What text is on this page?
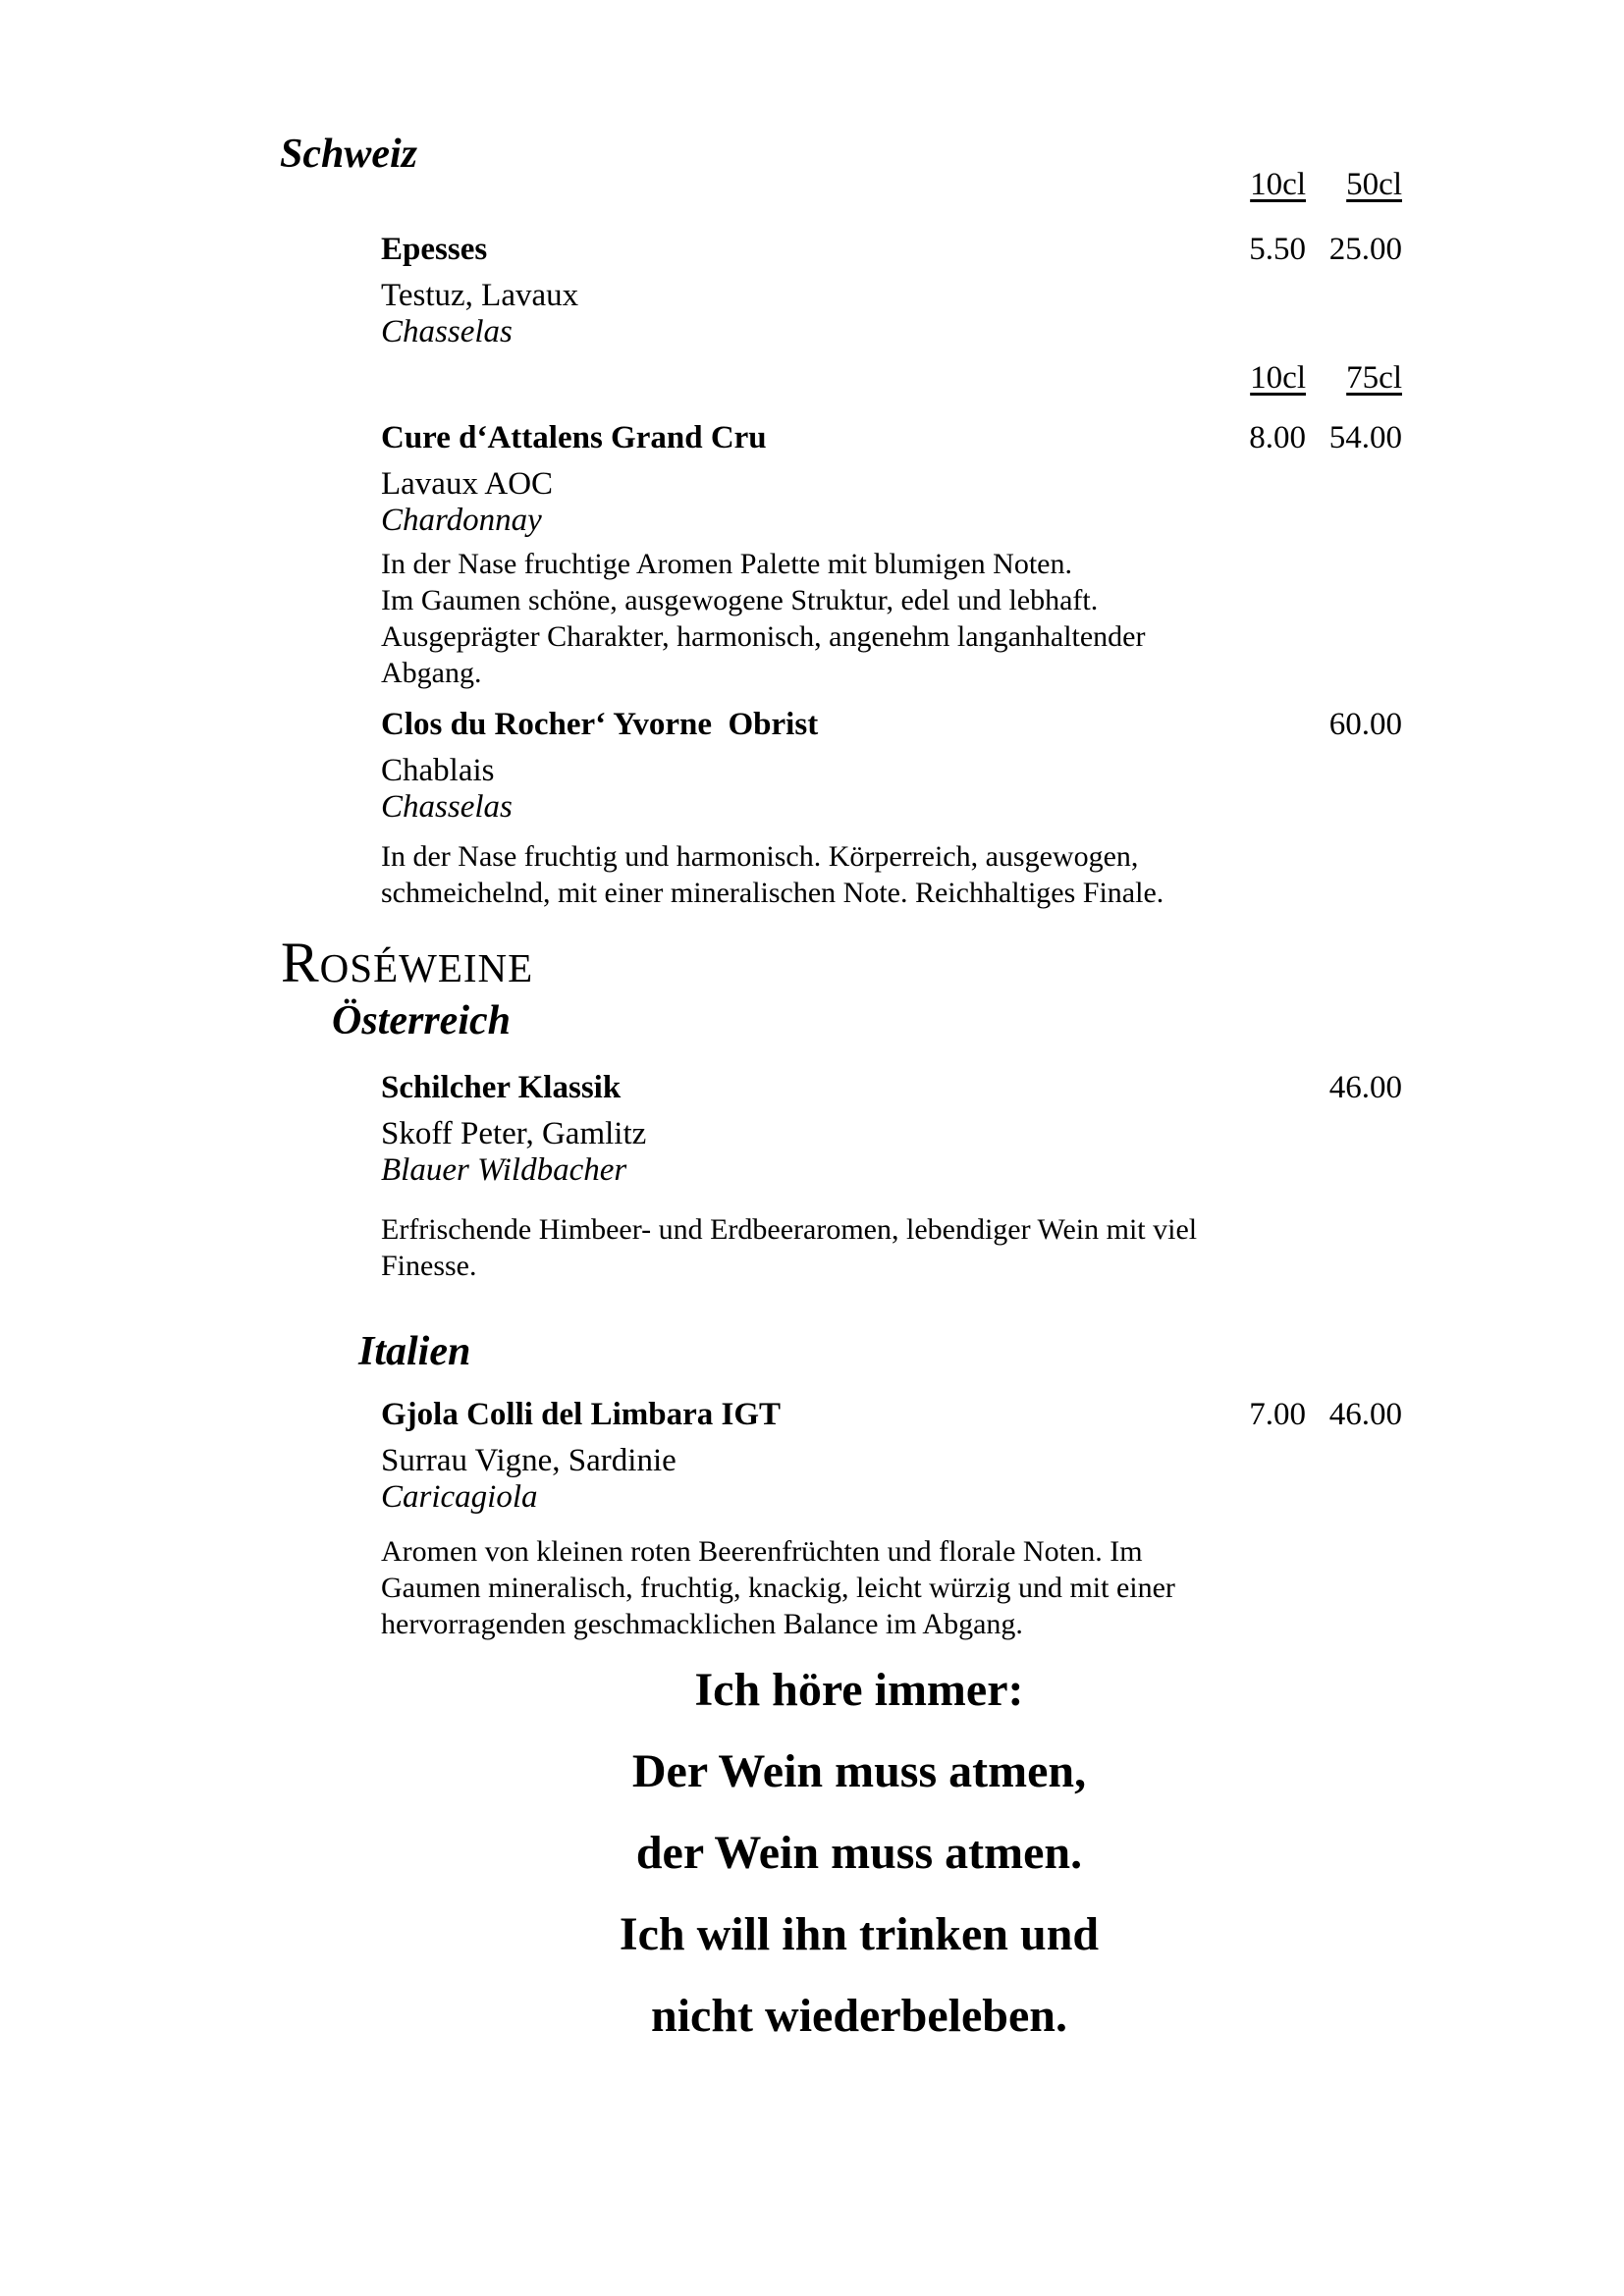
Schweiz
10cl	50cl
Epesses
Testuz, Lavaux
Chasselas
5.50 25.00
10cl	75cl
Cure d‘Attalens Grand Cru
Lavaux AOC
Chardonnay
8.00 54.00
In der Nase fruchtige Aromen Palette mit blumigen Noten.
Im Gaumen schöne, ausgewogene Struktur, edel und lebhaft.
Ausgeprägter Charakter, harmonisch, angenehm langanhaltender
Abgang.
Clos du Rocher‘ Yvorne  Obrist
Chablais
Chasselas
60.00
In der Nase fruchtig und harmonisch. Körperreich, ausgewogen,
schmeichelnd, mit einer mineralischen Note. Reichhaltiges Finale.
Roséweine
Österreich
Schilcher Klassik
Skoff Peter, Gamlitz
Blauer Wildbacher
46.00
Erfrischende Himbeer- und Erdbeeraromen, lebendiger Wein mit viel
Finesse.
Italien
Gjola Colli del Limbara IGT
Surrau Vigne, Sardinie
Caricagiola
7.00 46.00
Aromen von kleinen roten Beerenfrüchten und florale Noten. Im
Gaumen mineralisch, fruchtig, knackig, leicht würzig und mit einer
hervorragenden geschmacklichen Balance im Abgang.
Ich höre immer:
Der Wein muss atmen,
der Wein muss atmen.
Ich will ihn trinken und
nicht wiederbeleben.
